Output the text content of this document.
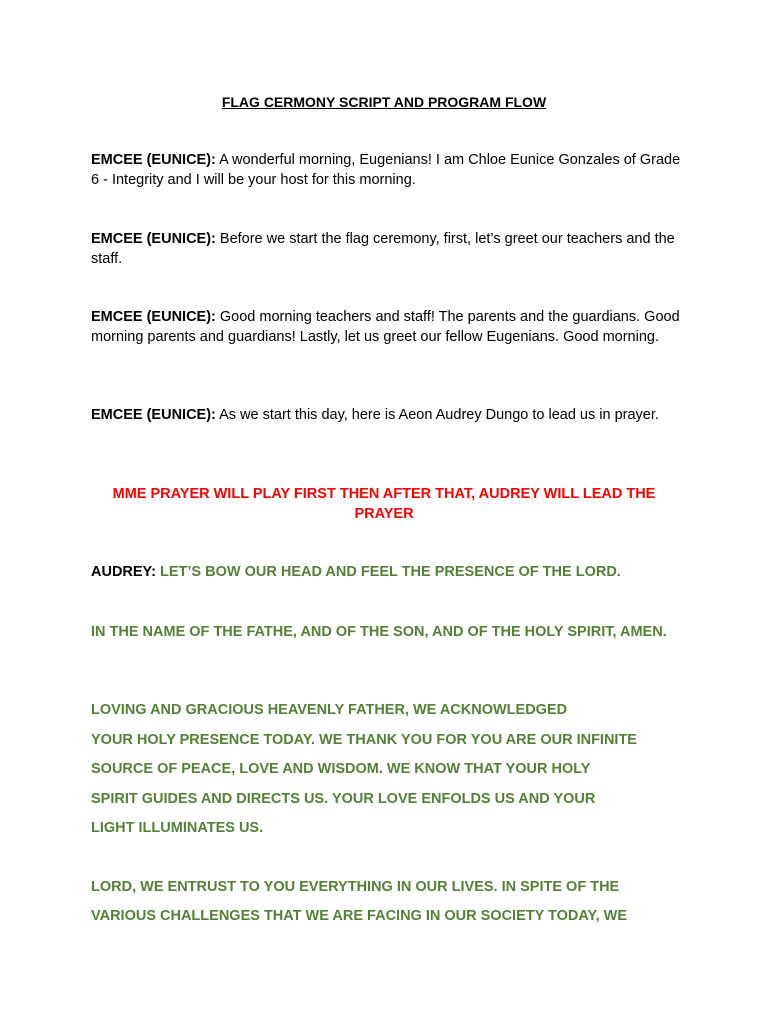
FLAG CERMONY SCRIPT AND PROGRAM FLOW

EMCEE (EUNICE): A wonderful morning, Eugenians! I am Chloe Eunice Gonzales of Grade 6 - Integrity and I will be your host for this morning.

EMCEE (EUNICE): Before we start the flag ceremony, first, let’s greet our teachers and the staff.

EMCEE (EUNICE): Good morning teachers and staff! The parents and the guardians. Good morning parents and guardians! Lastly, let us greet our fellow Eugenians. Good morning.

EMCEE (EUNICE): As we start this day, here is Aeon Audrey Dungo to lead us in prayer.

MME PRAYER WILL PLAY FIRST THEN AFTER THAT, AUDREY WILL LEAD THE PRAYER

AUDREY: LET’S BOW OUR HEAD AND FEEL THE PRESENCE OF THE LORD.

IN THE NAME OF THE FATHE, AND OF THE SON, AND OF THE HOLY SPIRIT, AMEN.

LOVING AND GRACIOUS HEAVENLY FATHER, WE ACKNOWLEDGED

YOUR HOLY PRESENCE TODAY. WE THANK YOU FOR YOU ARE OUR INFINITE

SOURCE OF PEACE, LOVE AND WISDOM. WE KNOW THAT YOUR HOLY

SPIRIT GUIDES AND DIRECTS US. YOUR LOVE ENFOLDS US AND YOUR

LIGHT ILLUMINATES US.

LORD, WE ENTRUST TO YOU EVERYTHING IN OUR LIVES. IN SPITE OF THE

VARIOUS CHALLENGES THAT WE ARE FACING IN OUR SOCIETY TODAY, WE
